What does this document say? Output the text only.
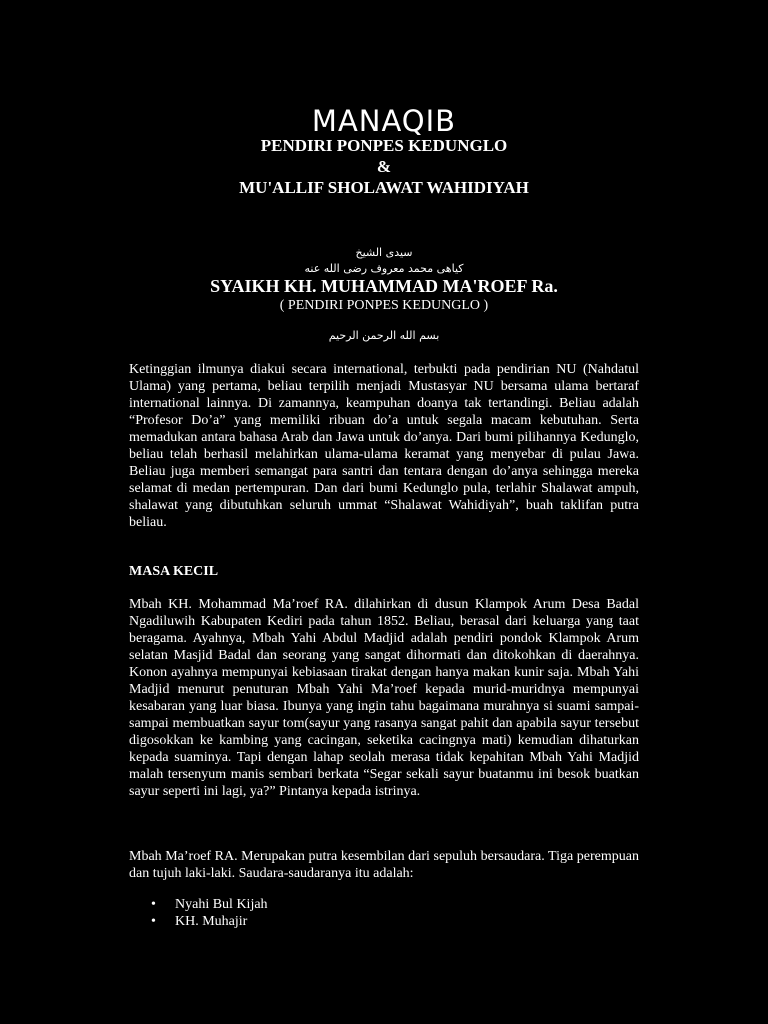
MANAQIB
PENDIRI PONPES KEDUNGLO
&
MU'ALLIF SHOLAWAT WAHIDIYAH
سيدى الشيخ
كياهى محمد معروف رضى الله عنه
SYAIKH KH. MUHAMMAD MA'ROEF Ra.
( PENDIRI PONPES KEDUNGLO )
بسم الله الرحمن الرحيم

Ketinggian ilmunya diakui secara international, terbukti pada pendirian NU (Nahdatul Ulama) yang pertama, beliau terpilih menjadi Mustasyar NU bersama ulama bertaraf international lainnya. Di zamannya, keampuhan doanya tak tertandingi. Beliau adalah “Profesor Do’a” yang memiliki ribuan do’a untuk segala macam kebutuhan. Serta memadukan antara bahasa Arab dan Jawa untuk do’anya. Dari bumi pilihannya Kedunglo, beliau telah berhasil melahirkan ulama-ulama keramat yang menyebar di pulau Jawa. Beliau juga memberi semangat para santri dan tentara dengan do’anya sehingga mereka selamat di medan pertempuran. Dan dari bumi Kedunglo pula, terlahir Shalawat ampuh, shalawat yang dibutuhkan seluruh ummat “Shalawat Wahidiyah”, buah taklifan putra beliau.

MASA KECIL

Mbah KH. Mohammad Ma’roef RA. dilahirkan di dusun Klampok Arum Desa Badal Ngadiluwih Kabupaten Kediri pada tahun 1852. Beliau, berasal dari keluarga yang taat beragama. Ayahnya, Mbah Yahi Abdul Madjid adalah pendiri pondok Klampok Arum selatan Masjid Badal dan seorang yang sangat dihormati dan ditokohkan di daerahnya. Konon ayahnya mempunyai kebiasaan tirakat dengan hanya makan kunir saja. Mbah Yahi Madjid menurut penuturan Mbah Yahi Ma’roef kepada murid-muridnya mempunyai kesabaran yang luar biasa. Ibunya yang ingin tahu bagaimana murahnya si suami sampai-sampai membuatkan sayur tom(sayur yang rasanya sangat pahit dan apabila sayur tersebut digosokkan ke kambing yang cacingan, seketika cacingnya mati) kemudian dihaturkan kepada suaminya. Tapi dengan lahap seolah merasa tidak kepahitan Mbah Yahi Madjid malah tersenyum manis sembari berkata “Segar sekali sayur buatanmu ini besok buatkan sayur seperti ini lagi, ya?” Pintanya kepada istrinya.

Mbah Ma’roef RA. Merupakan putra kesembilan dari sepuluh bersaudara. Tiga perempuan dan tujuh laki-laki. Saudara-saudaranya itu adalah:

• Nyahi Bul Kijah
• KH. Muhajir
